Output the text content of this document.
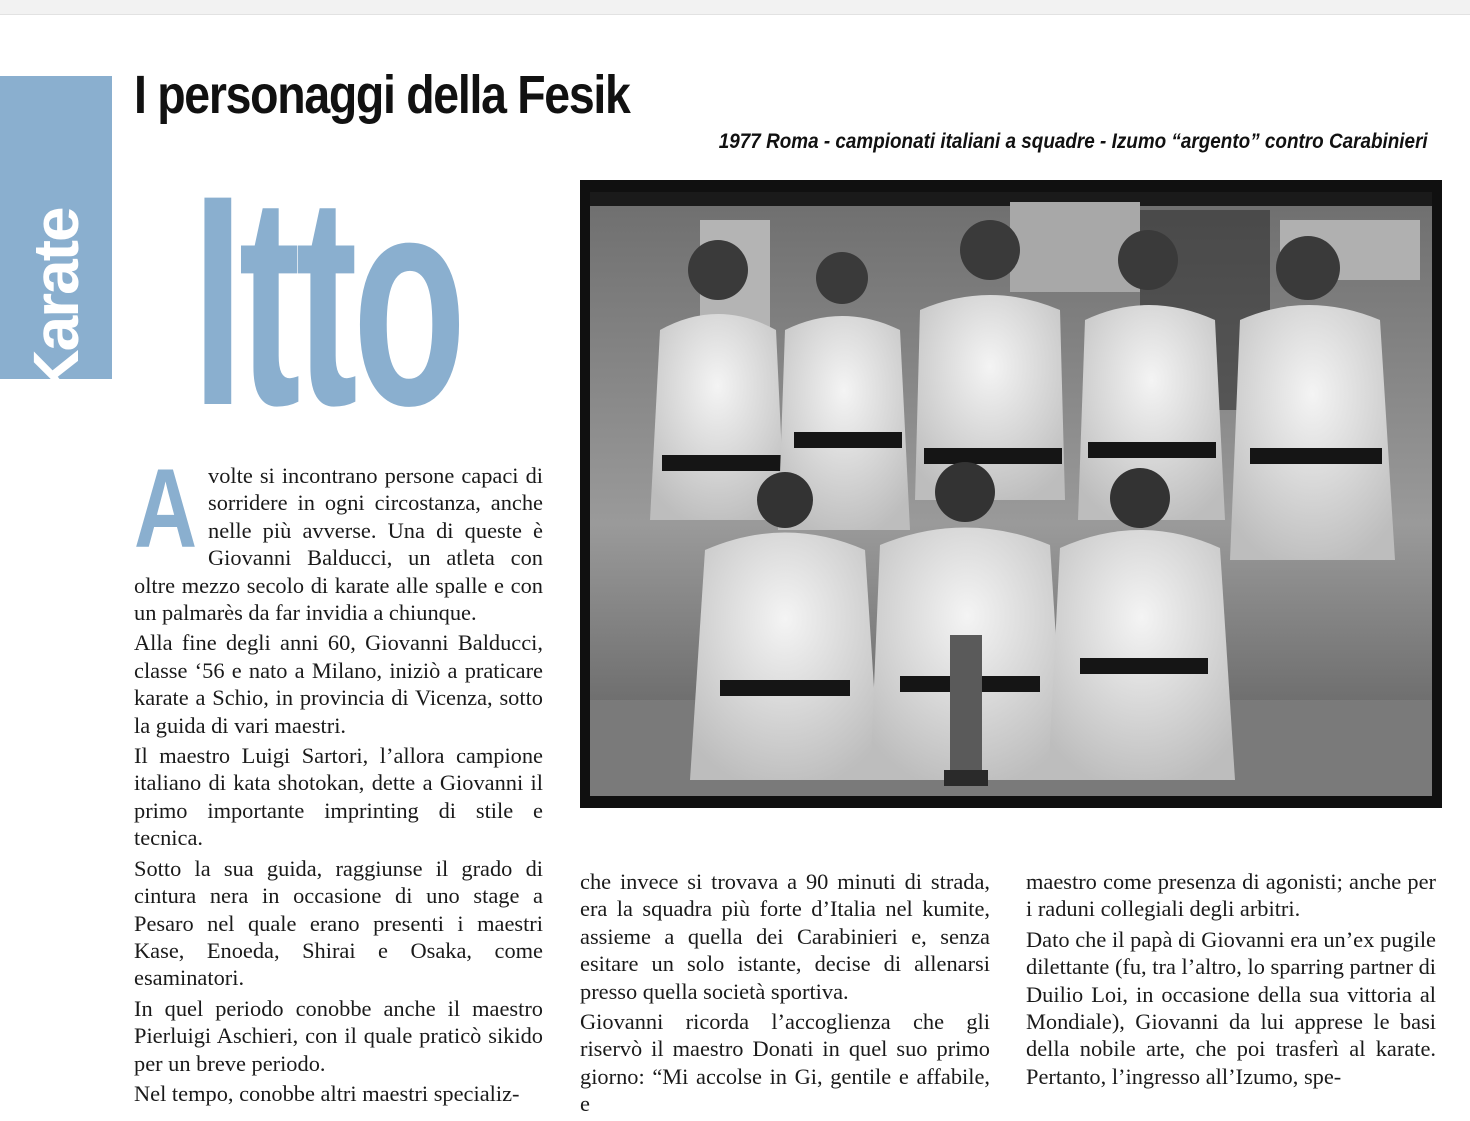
Karate
I personaggi della Fesik
1977 Roma - campionati italiani a squadre - Izumo “argento” contro Carabinieri
Itto

A volte si incontrano persone capaci di sorridere in ogni circostanza, anche nelle più avverse. Una di queste è Giovanni Balducci, un atleta con oltre mezzo secolo di karate alle spalle e con un palmarès da far invidia a chiunque.

Alla fine degli anni 60, Giovanni Balducci, classe ‘56 e nato a Milano, iniziò a praticare karate a Schio, in provincia di Vicenza, sotto la guida di vari maestri.

Il maestro Luigi Sartori, l’allora campione italiano di kata shotokan, dette a Giovanni il primo importante imprinting di stile e tecnica.

Sotto la sua guida, raggiunse il grado di cintura nera in occasione di uno stage a Pesaro nel quale erano presenti i maestri Kase, Enoeda, Shirai e Osaka, come esaminatori.

In quel periodo conobbe anche il maestro Pierluigi Aschieri, con il quale praticò sikido per un breve periodo.

Nel tempo, conobbe altri maestri specializ-

che invece si trovava a 90 minuti di strada, era la squadra più forte d’Italia nel kumite, assieme a quella dei Carabinieri e, senza esitare un solo istante, decise di allenarsi presso quella società sportiva.

Giovanni ricorda l’accoglienza che gli riservò il maestro Donati in quel suo primo giorno: “Mi accolse in Gi, gentile e affabile, e

maestro come presenza di agonisti; anche per i raduni collegiali degli arbitri.

Dato che il papà di Giovanni era un’ex pugile dilettante (fu, tra l’altro, lo sparring partner di Duilio Loi, in occasione della sua vittoria al Mondiale), Giovanni da lui apprese le basi della nobile arte, che poi trasferì al karate. Pertanto, l’ingresso all’Izumo, spe-
